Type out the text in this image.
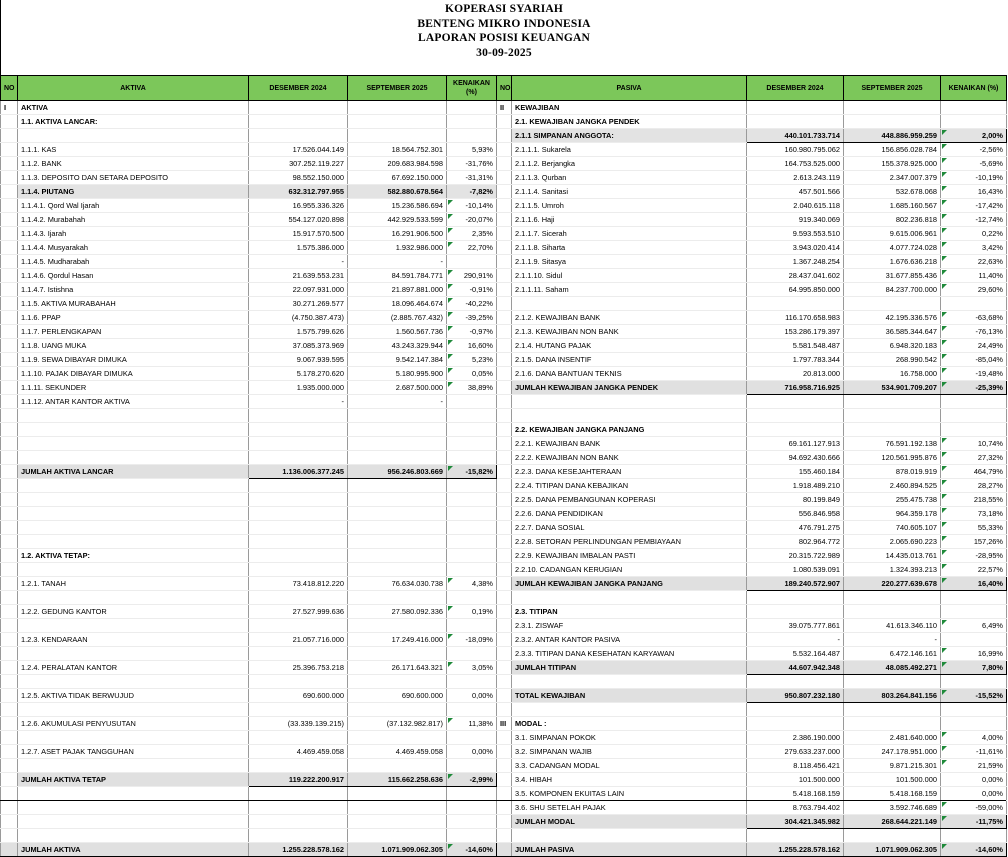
KOPERASI SYARIAH
BENTENG MIKRO INDONESIA
LAPORAN POSISI KEUANGAN
30-09-2025
NO	AKTIVA	DESEMBER 2024	SEPTEMBER 2025	KENAIKAN (%)	NO	PASIVA	DESEMBER 2024	SEPTEMBER 2025	KENAIKAN (%)
I	AKTIVA				II	KEWAJIBAN			
	1.1. AKTIVA LANCAR:					2.1. KEWAJIBAN JANGKA PENDEK			
						2.1.1 SIMPANAN ANGGOTA:	440.101.733.714	448.886.959.259	2,00%
	1.1.1. KAS	17.526.044.149	18.564.752.301	5,93%		2.1.1.1. Sukarela	160.980.795.062	156.856.028.784	-2,56%
	1.1.2. BANK	307.252.119.227	209.683.984.598	-31,76%		2.1.1.2. Berjangka	164.753.525.000	155.378.925.000	-5,69%
	1.1.3. DEPOSITO DAN SETARA DEPOSITO	98.552.150.000	67.692.150.000	-31,31%		2.1.1.3. Qurban	2.613.243.119	2.347.007.379	-10,19%
	1.1.4. PIUTANG	632.312.797.955	582.880.678.564	-7,82%		2.1.1.4. Sanitasi	457.501.566	532.678.068	16,43%
	1.1.4.1. Qord Wal Ijarah	16.955.336.326	15.236.586.694	-10,14%		2.1.1.5. Umroh	2.040.615.118	1.685.160.567	-17,42%
	1.1.4.2. Murabahah	554.127.020.898	442.929.533.599	-20,07%		2.1.1.6. Haji	919.340.069	802.236.818	-12,74%
	1.1.4.3. Ijarah	15.917.570.500	16.291.906.500	2,35%		2.1.1.7. Sicerah	9.593.553.510	9.615.006.961	0,22%
	1.1.4.4. Musyarakah	1.575.386.000	1.932.986.000	22,70%		2.1.1.8. Siharta	3.943.020.414	4.077.724.028	3,42%
	1.1.4.5. Mudharabah	-	-			2.1.1.9. Sitasya	1.367.248.254	1.676.636.218	22,63%
	1.1.4.6. Qordul Hasan	21.639.553.231	84.591.784.771	290,91%		2.1.1.10. Sidul	28.437.041.602	31.677.855.436	11,40%
	1.1.4.7. Istishna	22.097.931.000	21.897.881.000	-0,91%		2.1.1.11. Saham	64.995.850.000	84.237.700.000	29,60%
	1.1.5. AKTIVA MURABAHAH	30.271.269.577	18.096.464.674	-40,22%					
	1.1.6. PPAP	(4.750.387.473)	(2.885.767.432)	-39,25%		2.1.2. KEWAJIBAN BANK	116.170.658.983	42.195.336.576	-63,68%
	1.1.7. PERLENGKAPAN	1.575.799.626	1.560.567.736	-0,97%		2.1.3. KEWAJIBAN NON BANK	153.286.179.397	36.585.344.647	-76,13%
	1.1.8. UANG MUKA	37.085.373.969	43.243.329.944	16,60%		2.1.4. HUTANG PAJAK	5.581.548.487	6.948.320.183	24,49%
	1.1.9. SEWA DIBAYAR DIMUKA	9.067.939.595	9.542.147.384	5,23%		2.1.5. DANA INSENTIF	1.797.783.344	268.990.542	-85,04%
	1.1.10. PAJAK DIBAYAR DIMUKA	5.178.270.620	5.180.995.900	0,05%		2.1.6. DANA BANTUAN TEKNIS	20.813.000	16.758.000	-19,48%
	1.1.11. SEKUNDER	1.935.000.000	2.687.500.000	38,89%		JUMLAH KEWAJIBAN JANGKA PENDEK	716.958.716.925	534.901.709.207	-25,39%
	1.1.12. ANTAR KANTOR AKTIVA	-	-						

						2.2. KEWAJIBAN JANGKA PANJANG			
						2.2.1. KEWAJIBAN BANK	69.161.127.913	76.591.192.138	10,74%
						2.2.2. KEWAJIBAN NON BANK	94.692.430.666	120.561.995.876	27,32%
	JUMLAH AKTIVA LANCAR	1.136.006.377.245	956.246.803.669	-15,82%		2.2.3. DANA KESEJAHTERAAN	155.460.184	878.019.919	464,79%
						2.2.4. TITIPAN DANA KEBAJIKAN	1.918.489.210	2.460.894.525	28,27%
						2.2.5. DANA PEMBANGUNAN KOPERASI	80.199.849	255.475.738	218,55%
						2.2.6. DANA PENDIDIKAN	556.846.958	964.359.178	73,18%
						2.2.7. DANA SOSIAL	476.791.275	740.605.107	55,33%
						2.2.8. SETORAN PERLINDUNGAN PEMBIAYAAN	802.964.772	2.065.690.223	157,26%
	1.2. AKTIVA TETAP:					2.2.9. KEWAJIBAN IMBALAN PASTI	20.315.722.989	14.435.013.761	-28,95%
						2.2.10. CADANGAN KERUGIAN	1.080.539.091	1.324.393.213	22,57%
	1.2.1. TANAH	73.418.812.220	76.634.030.738	4,38%		JUMLAH KEWAJIBAN JANGKA PANJANG	189.240.572.907	220.277.639.678	16,40%

	1.2.2. GEDUNG KANTOR	27.527.999.636	27.580.092.336	0,19%		2.3. TITIPAN			
						2.3.1. ZISWAF	39.075.777.861	41.613.346.110	6,49%
	1.2.3. KENDARAAN	21.057.716.000	17.249.416.000	-18,09%		2.3.2. ANTAR KANTOR PASIVA	-	-	
						2.3.3. TITIPAN DANA KESEHATAN KARYAWAN	5.532.164.487	6.472.146.161	16,99%
	1.2.4. PERALATAN KANTOR	25.396.753.218	26.171.643.321	3,05%		JUMLAH TITIPAN	44.607.942.348	48.085.492.271	7,80%

	1.2.5. AKTIVA TIDAK BERWUJUD	690.600.000	690.600.000	0,00%		TOTAL KEWAJIBAN	950.807.232.180	803.264.841.156	-15,52%

	1.2.6. AKUMULASI PENYUSUTAN	(33.339.139.215)	(37.132.982.817)	11,38%	III	MODAL :			
						3.1. SIMPANAN POKOK	2.386.190.000	2.481.640.000	4,00%
	1.2.7. ASET PAJAK TANGGUHAN	4.469.459.058	4.469.459.058	0,00%		3.2. SIMPANAN WAJIB	279.633.237.000	247.178.951.000	-11,61%
						3.3. CADANGAN MODAL	8.118.456.421	9.871.215.301	21,59%
	JUMLAH AKTIVA TETAP	119.222.200.917	115.662.258.636	-2,99%		3.4. HIBAH	101.500.000	101.500.000	0,00%
						3.5. KOMPONEN EKUITAS LAIN	5.418.168.159	5.418.168.159	0,00%
						3.6. SHU SETELAH PAJAK	8.763.794.402	3.592.746.689	-59,00%
						JUMLAH MODAL	304.421.345.982	268.644.221.149	-11,75%

	JUMLAH AKTIVA	1.255.228.578.162	1.071.909.062.305	-14,60%		JUMLAH PASIVA	1.255.228.578.162	1.071.909.062.305	-14,60%
